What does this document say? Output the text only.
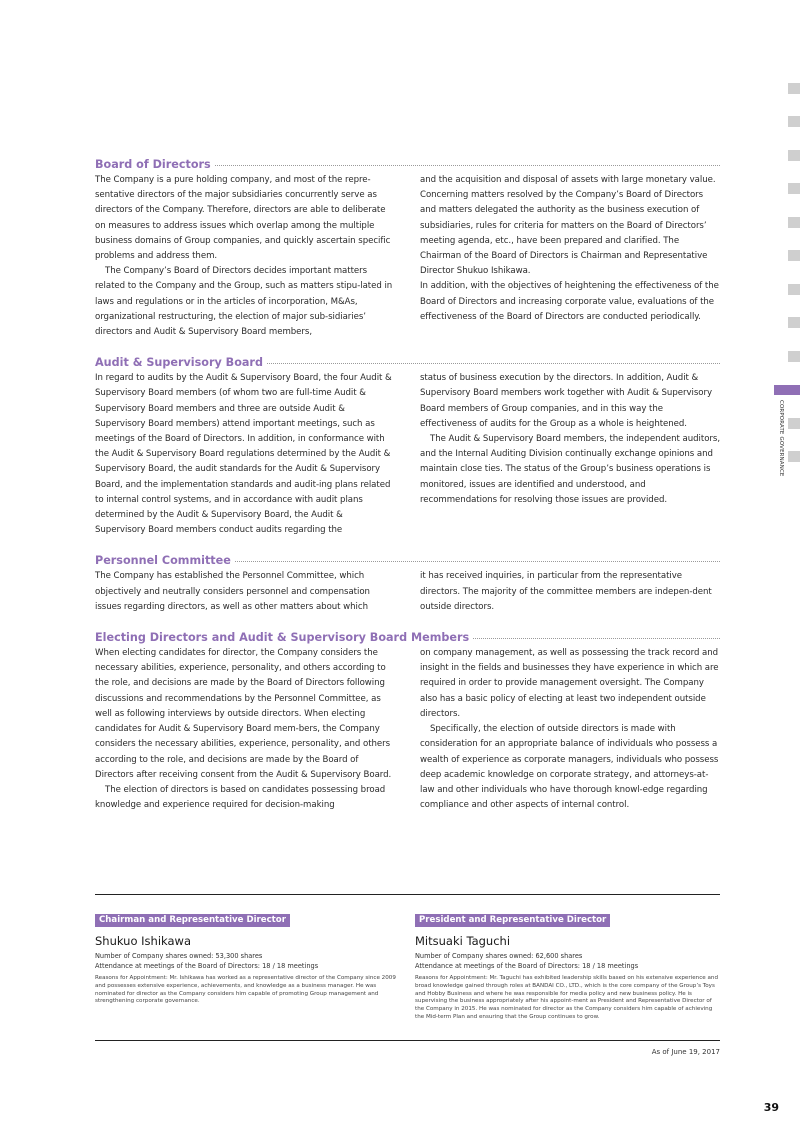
Board of Directors

The Company is a pure holding company, and most of the repre-sentative directors of the major subsidiaries concurrently serve as directors of the Company. Therefore, directors are able to deliberate on measures to address issues which overlap among the multiple business domains of Group companies, and quickly ascertain specific problems and address them.

The Company’s Board of Directors decides important matters related to the Company and the Group, such as matters stipu-lated in laws and regulations or in the articles of incorporation, M&As, organizational restructuring, the election of major sub-sidiaries’ directors and Audit & Supervisory Board members,

and the acquisition and disposal of assets with large monetary value. Concerning matters resolved by the Company’s Board of Directors and matters delegated the authority as the business execution of subsidiaries, rules for criteria for matters on the Board of Directors’ meeting agenda, etc., have been prepared and clarified. The Chairman of the Board of Directors is Chairman and Representative Director Shukuo Ishikawa.

In addition, with the objectives of heightening the effectiveness of the Board of Directors and increasing corporate value, evaluations of the effectiveness of the Board of Directors are conducted periodically.

Audit & Supervisory Board

In regard to audits by the Audit & Supervisory Board, the four Audit & Supervisory Board members (of whom two are full-time Audit & Supervisory Board members and three are outside Audit & Supervisory Board members) attend important meetings, such as meetings of the Board of Directors. In addition, in conformance with the Audit & Supervisory Board regulations determined by the Audit & Supervisory Board, the audit standards for the Audit & Supervisory Board, and the implementation standards and audit-ing plans related to internal control systems, and in accordance with audit plans determined by the Audit & Supervisory Board, the Audit & Supervisory Board members conduct audits regarding the

status of business execution by the directors. In addition, Audit & Supervisory Board members work together with Audit & Supervisory Board members of Group companies, and in this way the effectiveness of audits for the Group as a whole is heightened.

The Audit & Supervisory Board members, the independent auditors, and the Internal Auditing Division continually exchange opinions and maintain close ties. The status of the Group’s business operations is monitored, issues are identified and understood, and recommendations for resolving those issues are provided.

Personnel Committee

The Company has established the Personnel Committee, which objectively and neutrally considers personnel and compensation issues regarding directors, as well as other matters about which

it has received inquiries, in particular from the representative directors. The majority of the committee members are indepen-dent outside directors.

Electing Directors and Audit & Supervisory Board Members

When electing candidates for director, the Company considers the necessary abilities, experience, personality, and others according to the role, and decisions are made by the Board of Directors following discussions and recommendations by the Personnel Committee, as well as following interviews by outside directors. When electing candidates for Audit & Supervisory Board mem-bers, the Company considers the necessary abilities, experience, personality, and others according to the role, and decisions are made by the Board of Directors after receiving consent from the Audit & Supervisory Board.

The election of directors is based on candidates possessing broad knowledge and experience required for decision-making

on company management, as well as possessing the track record and insight in the fields and businesses they have experience in which are required in order to provide management oversight. The Company also has a basic policy of electing at least two independent outside directors.

Specifically, the election of outside directors is made with consideration for an appropriate balance of individuals who possess a wealth of experience as corporate managers, individuals who possess deep academic knowledge on corporate strategy, and attorneys-at-law and other individuals who have thorough knowl-edge regarding compliance and other aspects of internal control.

Chairman and Representative Director
Shukuo Ishikawa
Number of Company shares owned: 53,300 shares
Attendance at meetings of the Board of Directors: 18 / 18 meetings
Reasons for Appointment: Mr. Ishikawa has worked as a representative director of the Company since 2009 and possesses extensive experience, achievements, and knowledge as a business manager. He was nominated for director as the Company considers him capable of promoting Group management and strengthening corporate governance.
President and Representative Director
Mitsuaki Taguchi
Number of Company shares owned: 62,600 shares
Attendance at meetings of the Board of Directors: 18 / 18 meetings
Reasons for Appointment: Mr. Taguchi has exhibited leadership skills based on his extensive experience and broad knowledge gained through roles at BANDAI CO., LTD., which is the core company of the Group’s Toys and Hobby Business and where he was responsible for media policy and new business policy. He is supervising the business appropriately after his appoint-ment as President and Representative Director of the Company in 2015. He was nominated for director as the Company considers him capable of achieving the Mid-term Plan and ensuring that the Group continues to grow.
As of June 19, 2017
39
CORPORATE GOVERNANCE
